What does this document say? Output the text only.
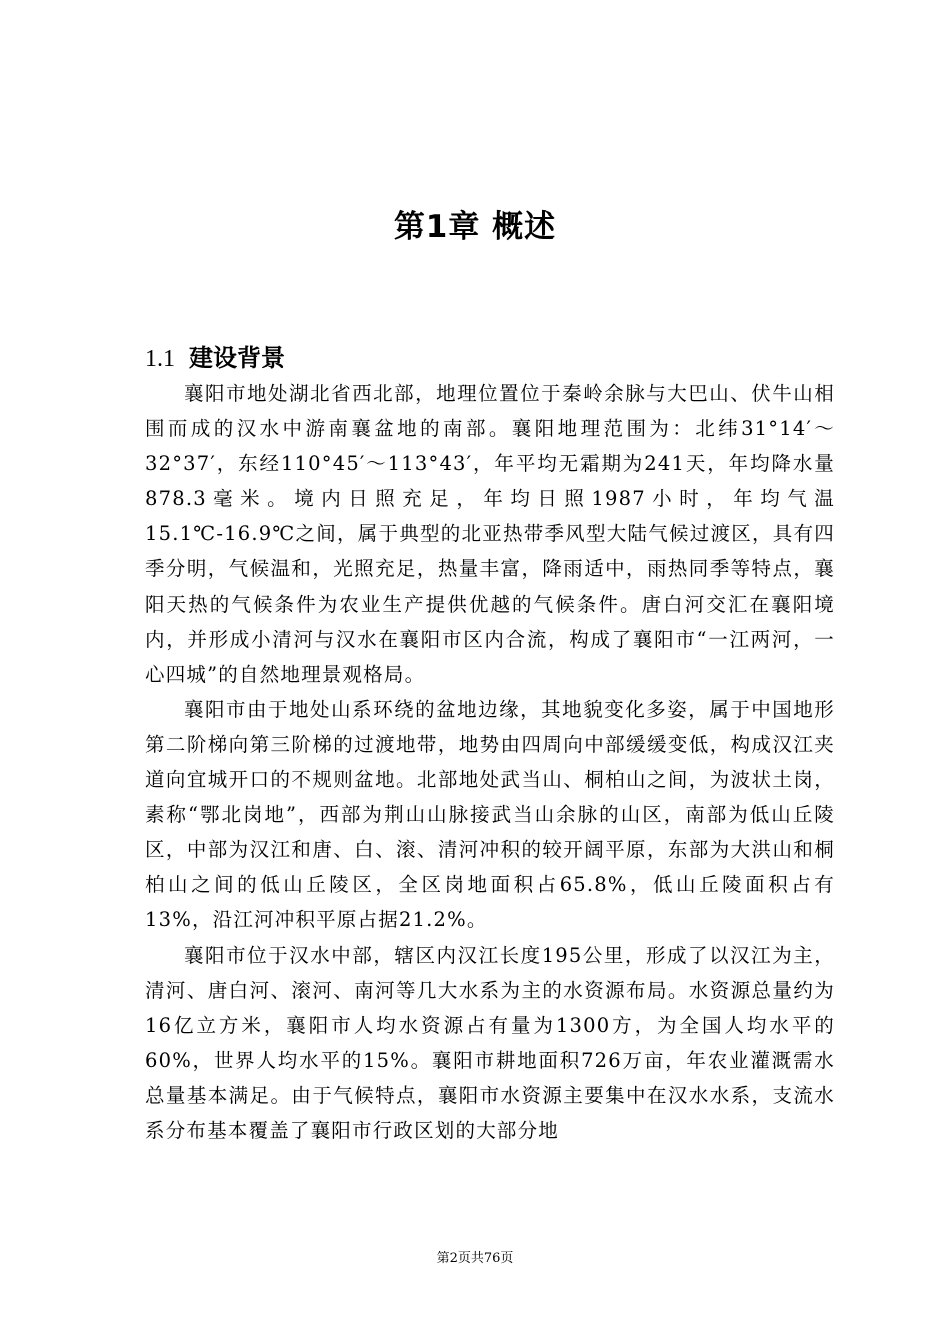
第1章 概述
1.1 建设背景

襄阳市地处湖北省西北部，地理位置位于秦岭余脉与大巴山、伏牛山相围而成的汉水中游南襄盆地的南部。襄阳地理范围为：北纬31°14′～32°37′，东经110°45′～113°43′，年平均无霜期为241天，年均降水量878.3毫米。境内日照充足，年均日照1987小时，年均气温15.1℃-16.9℃之间，属于典型的北亚热带季风型大陆气候过渡区，具有四季分明，气候温和，光照充足，热量丰富，降雨适中，雨热同季等特点，襄阳天热的气候条件为农业生产提供优越的气候条件。唐白河交汇在襄阳境内，并形成小清河与汉水在襄阳市区内合流，构成了襄阳市“一江两河，一心四城”的自然地理景观格局。

襄阳市由于地处山系环绕的盆地边缘，其地貌变化多姿，属于中国地形第二阶梯向第三阶梯的过渡地带，地势由四周向中部缓缓变低，构成汉江夹道向宜城开口的不规则盆地。北部地处武当山、桐柏山之间，为波状土岗，素称“鄂北岗地”，西部为荆山山脉接武当山余脉的山区，南部为低山丘陵区，中部为汉江和唐、白、滚、清河冲积的较开阔平原，东部为大洪山和桐柏山之间的低山丘陵区，全区岗地面积占65.8%，低山丘陵面积占有13%，沿江河冲积平原占据21.2%。

襄阳市位于汉水中部，辖区内汉江长度195公里，形成了以汉江为主，清河、唐白河、滚河、南河等几大水系为主的水资源布局。水资源总量约为16亿立方米，襄阳市人均水资源占有量为1300方，为全国人均水平的60%，世界人均水平的15%。襄阳市耕地面积726万亩，年农业灌溉需水总量基本满足。由于气候特点，襄阳市水资源主要集中在汉水水系，支流水系分布基本覆盖了襄阳市行政区划的大部分地

第2页共76页
